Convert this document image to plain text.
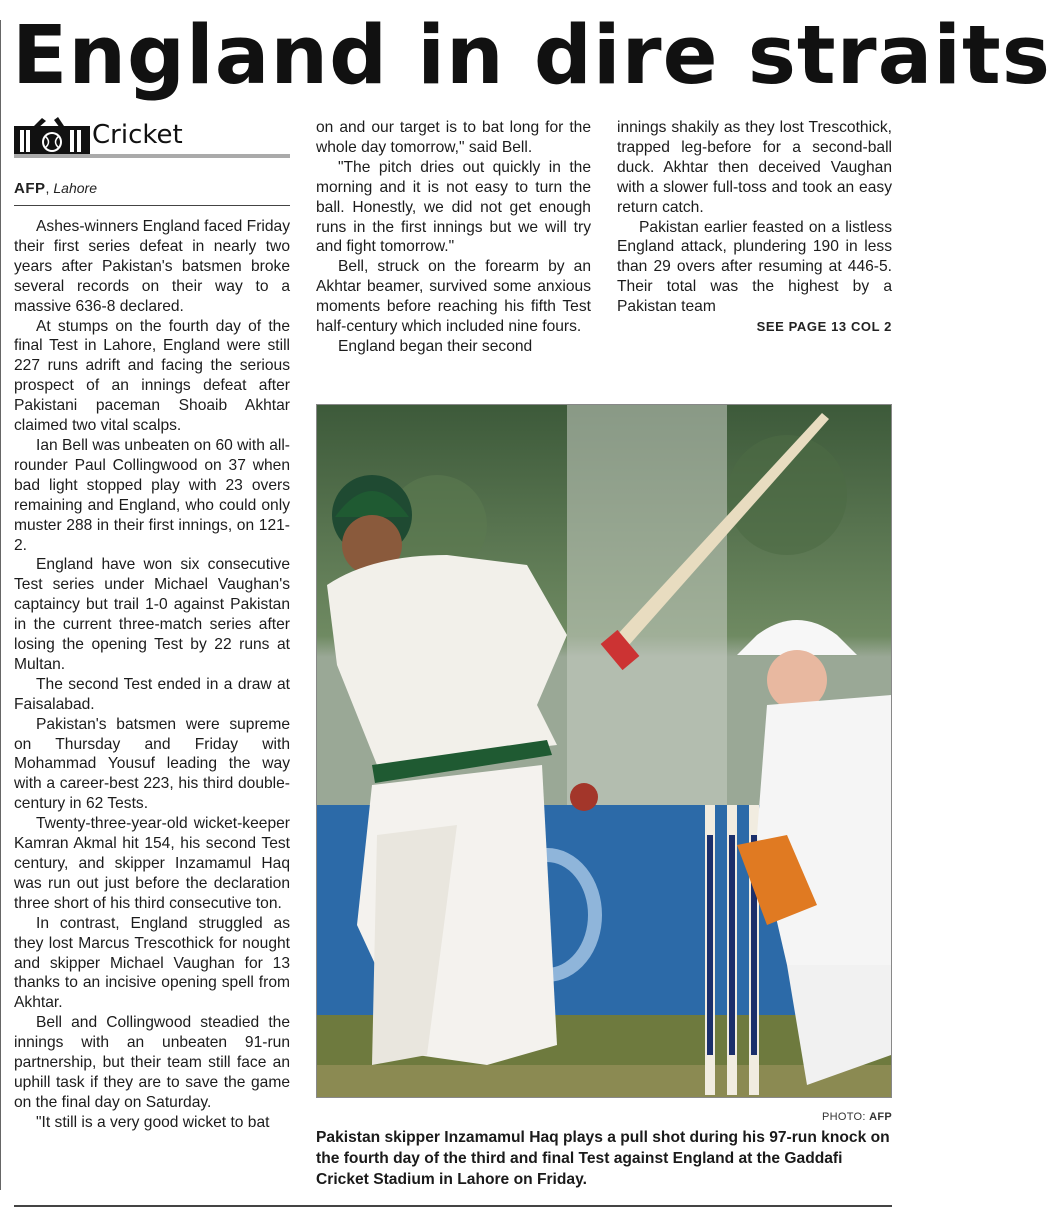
England in dire straits
Cricket
AFP, Lahore

Ashes-winners England faced Friday their first series defeat in nearly two years after Pakistan's batsmen broke several records on their way to a massive 636-8 declared.

At stumps on the fourth day of the final Test in Lahore, England were still 227 runs adrift and facing the serious prospect of an innings defeat after Pakistani paceman Shoaib Akhtar claimed two vital scalps.

Ian Bell was unbeaten on 60 with all-rounder Paul Collingwood on 37 when bad light stopped play with 23 overs remaining and England, who could only muster 288 in their first innings, on 121-2.

England have won six consecutive Test series under Michael Vaughan's captaincy but trail 1-0 against Pakistan in the current three-match series after losing the opening Test by 22 runs at Multan.

The second Test ended in a draw at Faisalabad.

Pakistan's batsmen were supreme on Thursday and Friday with Mohammad Yousuf leading the way with a career-best 223, his third double-century in 62 Tests.

Twenty-three-year-old wicket-keeper Kamran Akmal hit 154, his second Test century, and skipper Inzamamul Haq was run out just before the declaration three short of his third consecutive ton.

In contrast, England struggled as they lost Marcus Trescothick for nought and skipper Michael Vaughan for 13 thanks to an incisive opening spell from Akhtar.

Bell and Collingwood steadied the innings with an unbeaten 91-run partnership, but their team still face an uphill task if they are to save the game on the final day on Saturday.

"It still is a very good wicket to bat

on and our target is to bat long for the whole day tomorrow," said Bell.

"The pitch dries out quickly in the morning and it is not easy to turn the ball. Honestly, we did not get enough runs in the first innings but we will try and fight tomorrow."

Bell, struck on the forearm by an Akhtar beamer, survived some anxious moments before reaching his fifth Test half-century which included nine fours.

England began their second

innings shakily as they lost Trescothick, trapped leg-before for a second-ball duck. Akhtar then deceived Vaughan with a slower full-toss and took an easy return catch.

Pakistan earlier feasted on a listless England attack, plundering 190 in less than 29 overs after resuming at 446-5. Their total was the highest by a Pakistan team

SEE PAGE 13 COL 2
PHOTO: AFP
Pakistan skipper Inzamamul Haq plays a pull shot during his 97-run knock on the fourth day of the third and final Test against England at the Gaddafi Cricket Stadium in Lahore on Friday.
